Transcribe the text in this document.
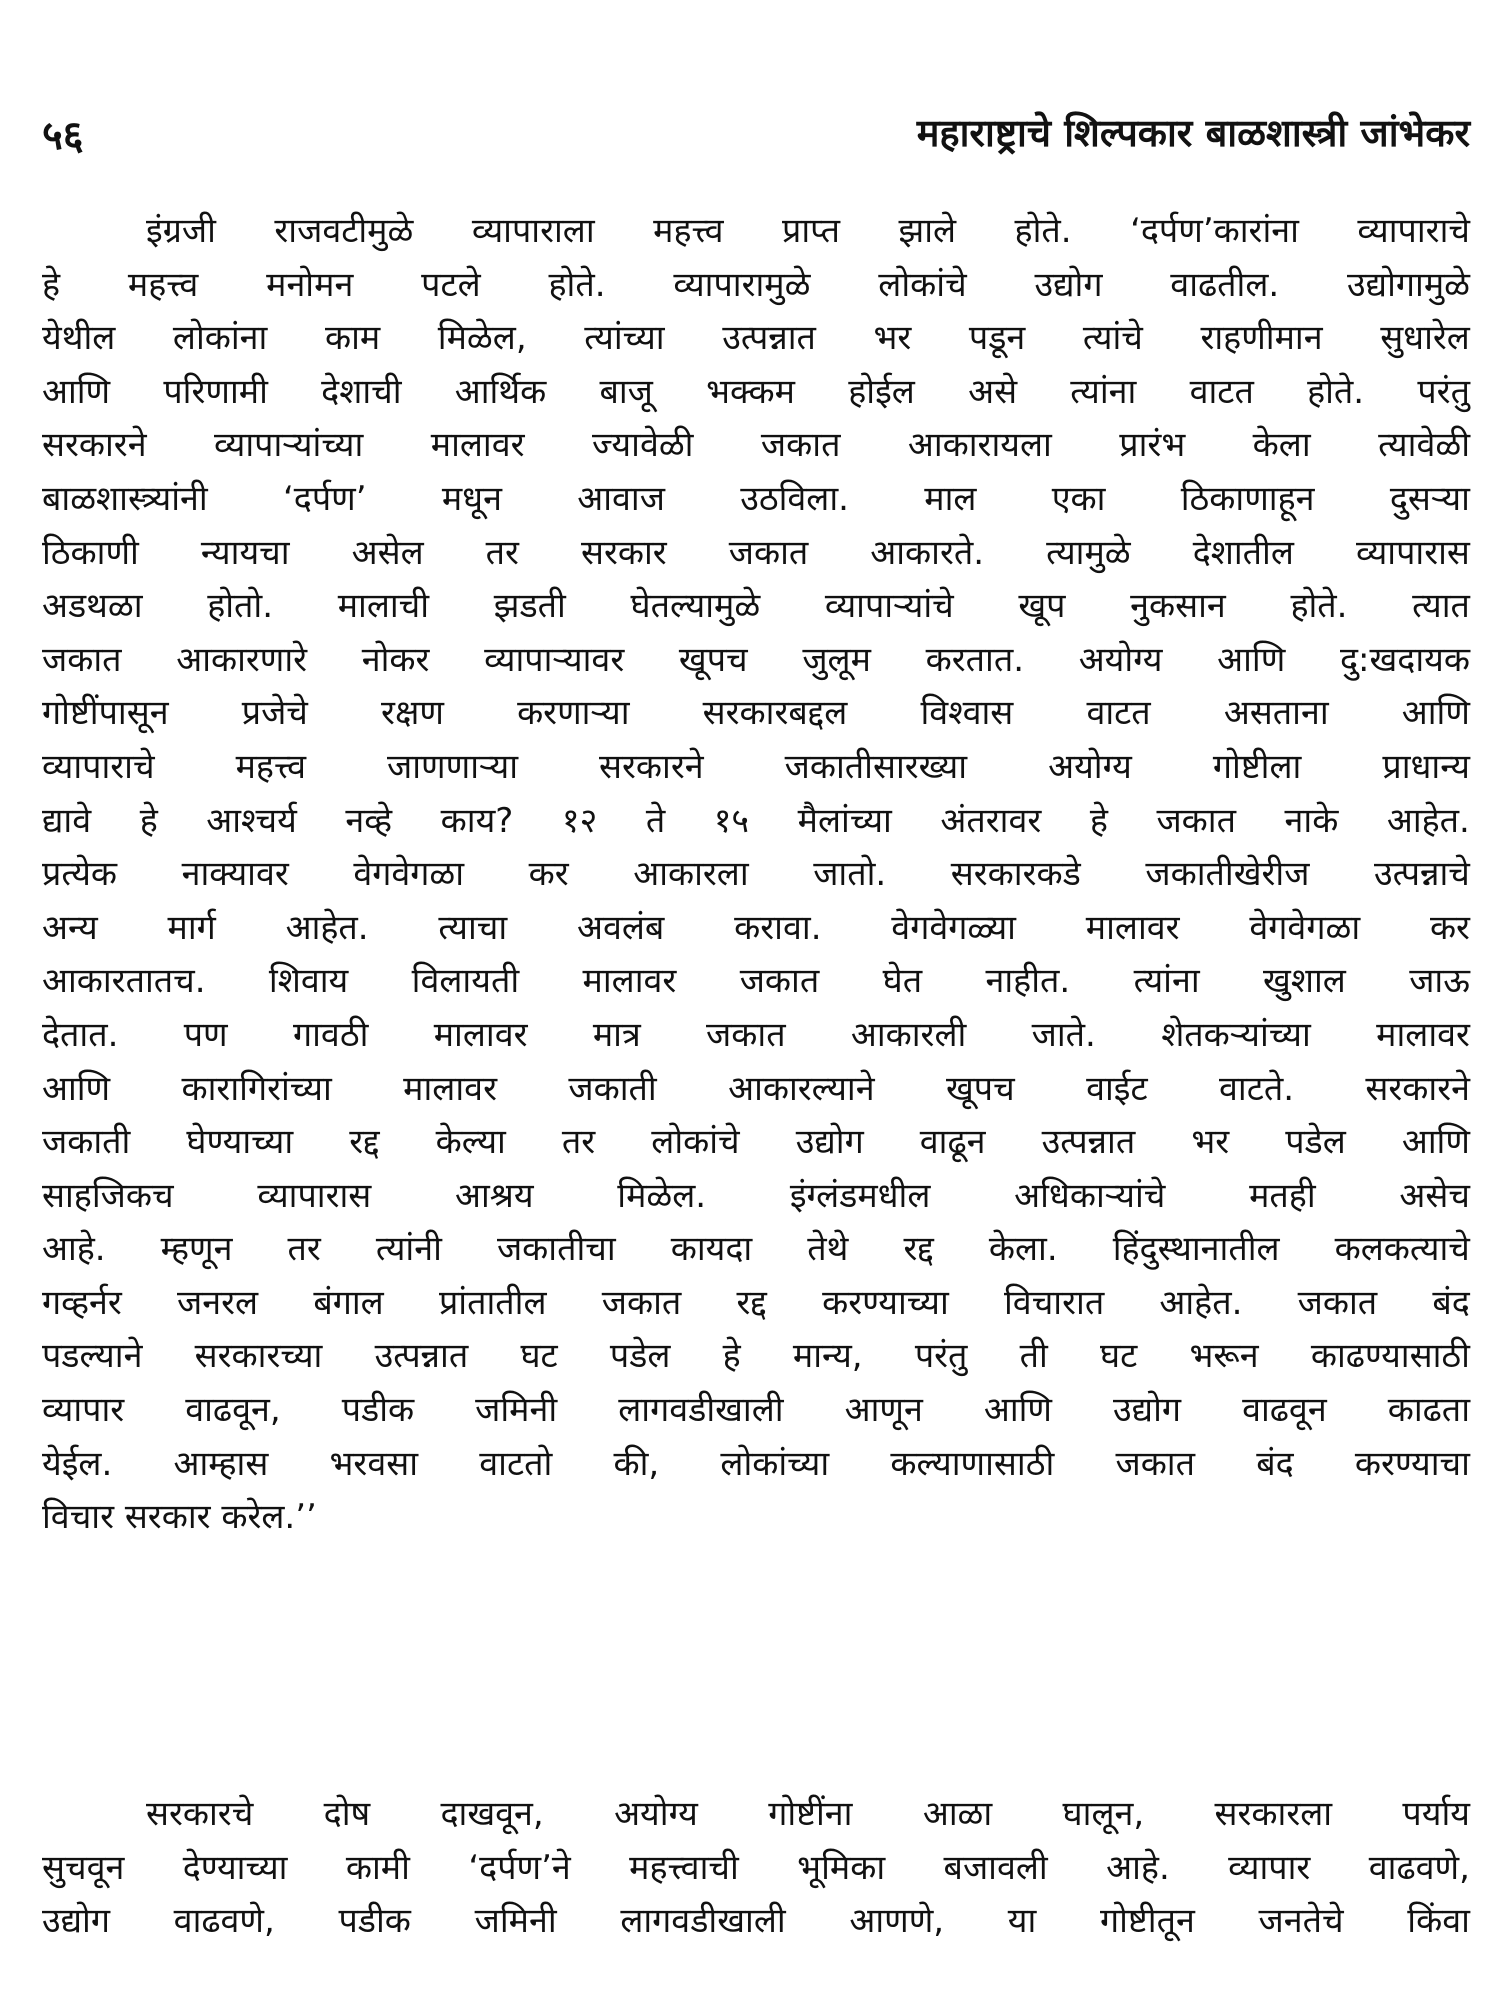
५६	महाराष्ट्राचे शिल्पकार बाळशास्त्री जांभेकर
इंग्रजी राजवटीमुळे व्यापाराला महत्त्व प्राप्त झाले होते. ‘दर्पण’कारांना व्यापाराचे
हे महत्त्व मनोमन पटले होते. व्यापारामुळे लोकांचे उद्योग वाढतील. उद्योगामुळे
येथील लोकांना काम मिळेल, त्यांच्या उत्पन्नात भर पडून त्यांचे राहणीमान सुधारेल
आणि परिणामी देशाची आर्थिक बाजू भक्कम होईल असे त्यांना वाटत होते. परंतु
सरकारने व्यापाऱ्यांच्या मालावर ज्यावेळी जकात आकारायला प्रारंभ केला त्यावेळी
बाळशास्त्र्यांनी ‘दर्पण’ मधून आवाज उठविला. माल एका ठिकाणाहून दुसऱ्या
ठिकाणी न्यायचा असेल तर सरकार जकात आकारते. त्यामुळे देशातील व्यापारास
अडथळा होतो. मालाची झडती घेतल्यामुळे व्यापाऱ्यांचे खूप नुकसान होते. त्यात
जकात आकारणारे नोकर व्यापाऱ्यावर खूपच जुलूम करतात. अयोग्य आणि दु:खदायक
गोष्टींपासून प्रजेचे रक्षण करणाऱ्या सरकारबद्दल विश्वास वाटत असताना आणि
व्यापाराचे महत्त्व जाणणाऱ्या सरकारने जकातीसारख्या अयोग्य गोष्टीला प्राधान्य
द्यावे हे आश्चर्य नव्हे काय? १२ ते १५ मैलांच्या अंतरावर हे जकात नाके आहेत.
प्रत्येक नाक्यावर वेगवेगळा कर आकारला जातो. सरकारकडे जकातीखेरीज उत्पन्नाचे
अन्य मार्ग आहेत. त्याचा अवलंब करावा. वेगवेगळ्या मालावर वेगवेगळा कर
आकारतातच. शिवाय विलायती मालावर जकात घेत नाहीत. त्यांना खुशाल जाऊ
देतात. पण गावठी मालावर मात्र जकात आकारली जाते. शेतकऱ्यांच्या मालावर
आणि कारागिरांच्या मालावर जकाती आकारल्याने खूपच वाईट वाटते. सरकारने
जकाती घेण्याच्या रद्द केल्या तर लोकांचे उद्योग वाढून उत्पन्नात भर पडेल आणि
साहजिकच व्यापारास आश्रय मिळेल. इंग्लंडमधील अधिकाऱ्यांचे मतही असेच
आहे. म्हणून तर त्यांनी जकातीचा कायदा तेथे रद्द केला. हिंदुस्थानातील कलकत्याचे
गव्हर्नर जनरल बंगाल प्रांतातील जकात रद्द करण्याच्या विचारात आहेत. जकात बंद
पडल्याने सरकारच्या उत्पन्नात घट पडेल हे मान्य, परंतु ती घट भरून काढण्यासाठी
व्यापार वाढवून, पडीक जमिनी लागवडीखाली आणून आणि उद्योग वाढवून काढता
येईल. आम्हास भरवसा वाटतो की, लोकांच्या कल्याणासाठी जकात बंद करण्याचा
विचार सरकार करेल.’’
सरकारचे दोष दाखवून, अयोग्य गोष्टींना आळा घालून, सरकारला पर्याय
सुचवून देण्याच्या कामी ‘दर्पण’ने महत्त्वाची भूमिका बजावली आहे. व्यापार वाढवणे,
उद्योग वाढवणे, पडीक जमिनी लागवडीखाली आणणे, या गोष्टीतून जनतेचे किंवा
